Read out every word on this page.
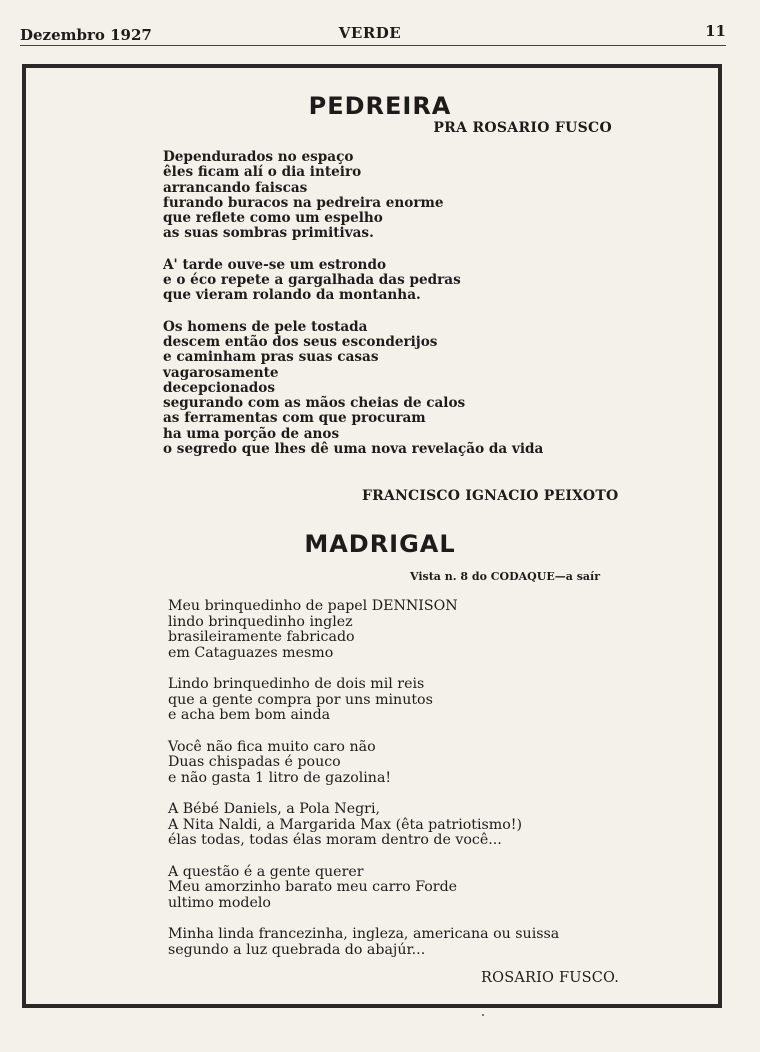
Dezembro 1927	VERDE	11
PEDREIRA
PRA ROSARIO FUSCO
Dependurados no espaço
êles ficam alí o dia inteiro
arrancando faiscas
furando buracos na pedreira enorme
que reflete como um espelho
as suas sombras primitivas.
A' tarde ouve-se um estrondo
e o éco repete a gargalhada das pedras
que vieram rolando da montanha.
Os homens de pele tostada
descem então dos seus esconderijos
e caminham pras suas casas
vagarosamente
decepcionados
segurando com as mãos cheias de calos
as ferramentas com que procuram
ha uma porção de anos
o segredo que lhes dê uma nova revelação da vida
FRANCISCO IGNACIO PEIXOTO
MADRIGAL
Vista n. 8 do CODAQUE—a saír
Meu brinquedinho de papel DENNISON
lindo brinquedinho inglez
brasileiramente fabricado
em Cataguazes mesmo
Lindo brinquedinho de dois mil reis
que a gente compra por uns minutos
e acha bem bom ainda
Você não fica muito caro não
Duas chispadas é pouco
e não gasta 1 litro de gazolina!
A Bébé Daniels, a Pola Negri,
A Nita Naldi, a Margarida Max (êta patriotismo!)
élas todas, todas élas moram dentro de você...
A questão é a gente querer
Meu amorzinho barato meu carro Forde
ultimo modelo
Minha linda francezinha, ingleza, americana ou suissa
segundo a luz quebrada do abajúr...
ROSARIO FUSCO.
